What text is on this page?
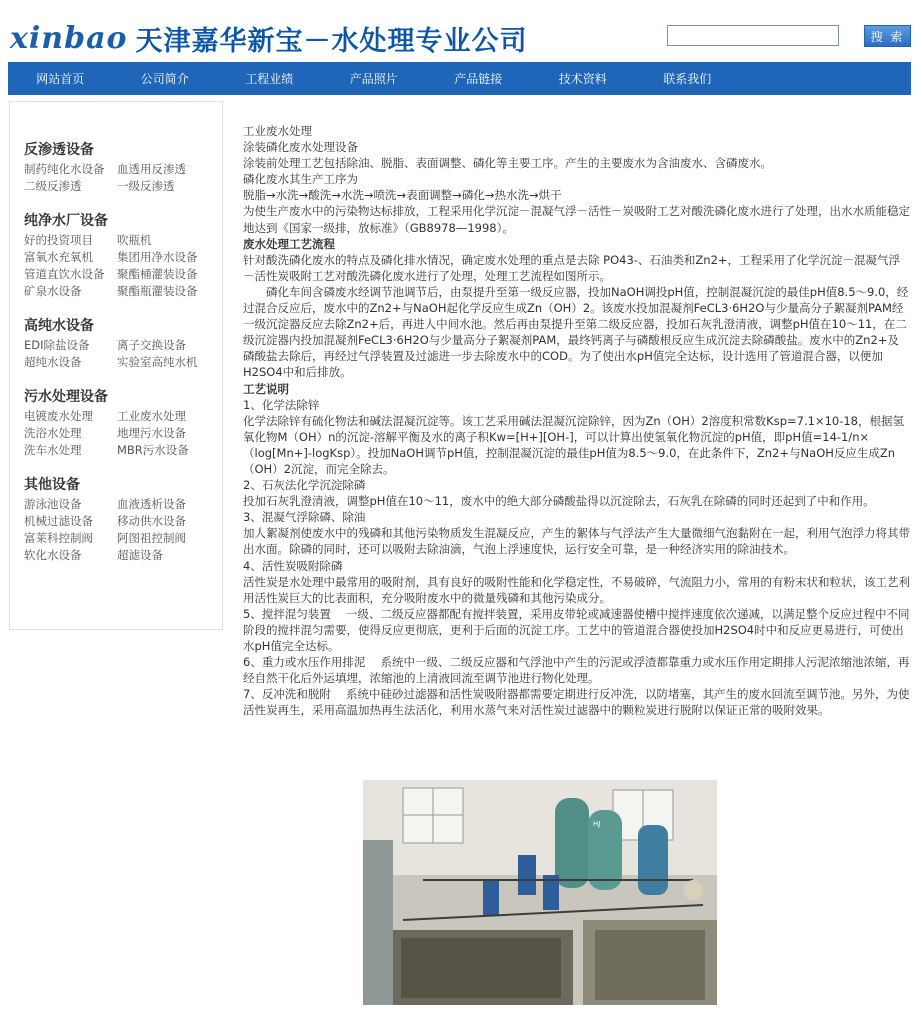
xinbao 天津嘉华新宝－水处理专业公司	搜 索
网站首页	公司简介	工程业绩	产品照片	产品链接	技术资料	联系我们
反渗透设备
制药纯化水设备	血透用反渗透
二级反渗透	一级反渗透
纯净水厂设备
好的投资项目	吹瓶机
富氧水充氧机	集团用净水设备
管道直饮水设备	聚酯桶灌装设备
矿泉水设备	聚酯瓶灌装设备
高纯水设备
EDI除盐设备	离子交换设备
超纯水设备	实验室高纯水机
污水处理设备
电镀废水处理	工业废水处理
洗浴水处理	地埋污水设备
洗车水处理	MBR污水设备
其他设备
游泳池设备	血液透析设备
机械过滤设备	移动供水设备
富莱科控制阀	阿图祖控制阀
软化水设备	超滤设备

工业废水处理

涂装磷化废水处理设备

涂装前处理工艺包括除油、脱脂、表面调整、磷化等主要工序。产生的主要废水为含油废水、含磷废水。

磷化废水其生产工序为

脱脂→水洗→酸洗→水洗→喷洗→表面调整→磷化→热水洗→烘干

为使生产废水中的污染物达标排放，工程采用化学沉淀－混凝气浮－活性－炭吸附工艺对酸洗磷化废水进行了处理，出水水质能稳定地达到《国家一级排，放标准》（GB8978—1998）。

废水处理工艺流程

针对酸洗磷化废水的特点及磷化排水情况，确定废水处理的重点是去除 PO43-、石油类和Zn2+，工程采用了化学沉淀－混凝气浮－活性炭吸附工艺对酸洗磷化废水进行了处理，处理工艺流程如图所示。

磷化车间含磷废水经调节池调节后，由泵提升至第一级反应器，投加NaOH调投pH值，控制混凝沉淀的最佳pH值8.5～9.0，经过混合反应后，废水中的Zn2+与NaOH起化学反应生成Zn（OH）2。该废水投加混凝剂FeCL3·6H2O与少量高分子絮凝剂PAM经一级沉淀器反应去除Zn2+后，再进人中间水池。然后再由泵提升至第二级反应器，投加石灰乳澄清液，调整pH值在10～11，在二级沉淀器内投加混凝剂FeCL3·6H2O与少量高分子絮凝剂PAM，最终钙离子与磷酸根反应生成沉淀去除磷酸盐。废水中的Zn2+及磷酸盐去除后，再经过气浮装置及过滤进一步去除废水中的COD。为了使出水pH值完全达标，设计选用了管道混合器，以便加H2SO4中和后排放。

工艺说明

1、化学法除锌

化学法除锌有硫化物法和碱法混凝沉淀等。该工艺采用碱法混凝沉淀除锌，因为Zn（OH）2溶度积常数Ksp=7.1×10-18，根据氢氧化物M（OH）n的沉淀-溶解平衡及水的离子积Kw=[H+][OH-]，可以计算出使氢氧化物沉淀的pH值，即pH值=14-1/n×（log[Mn+]-logKsp）。投加NaOH调节pH值，控制混凝沉淀的最佳pH值为8.5～9.0，在此条件下，Zn2+与NaOH反应生成Zn（OH）2沉淀，而完全除去。

2、石灰法化学沉淀除磷

投加石灰乳澄清液，调整pH值在10～11，废水中的绝大部分磷酸盐得以沉淀除去，石灰乳在除磷的同时还起到了中和作用。

3、混凝气浮除磷、除油

加人絮凝剂使废水中的残磷和其他污染物质发生混凝反应，产生的絮体与气浮法产生大量微细气泡黏附在一起，利用气泡浮力将其带出水面。除磷的同时，还可以吸附去除油滴，气泡上浮速度快，运行安全可靠，是一种经济实用的除油技术。

4、活性炭吸附除磷

活性炭是水处理中最常用的吸附剂，具有良好的吸附性能和化学稳定性，不易破碎，气流阻力小，常用的有粉末状和粒状，该工艺利用活性炭巨大的比表面积，充分吸附废水中的微量残磷和其他污染成分。

5、搅拌混匀装置　 一级、二级反应器都配有搅拌装置，采用皮带轮或减速器使槽中搅拌速度依次递减，以满足整个反应过程中不同阶段的搅拌混匀需要，使得反应更彻底，更利于后面的沉淀工序。工艺中的管道混合器使投加H2SO4时中和反应更易进行，可使出水pH值完全达标。

6、重力或水压作用排泥　 系统中一级、二级反应器和气浮池中产生的污泥或浮渣都靠重力或水压作用定期排人污泥浓缩池浓缩，再经自然干化后外运填埋，浓缩池的上清液回流至调节池进行物化处理。

7、反冲洗和脱附　 系统中硅砂过滤器和活性炭吸附器都需要定期进行反冲洗，以防堵塞，其产生的废水回流至调节池。另外，为使活性炭再生，采用高温加热再生法活化，利用水蒸气来对活性炭过滤器中的颗粒炭进行脱附以保证正常的吸附效果。

HJ
